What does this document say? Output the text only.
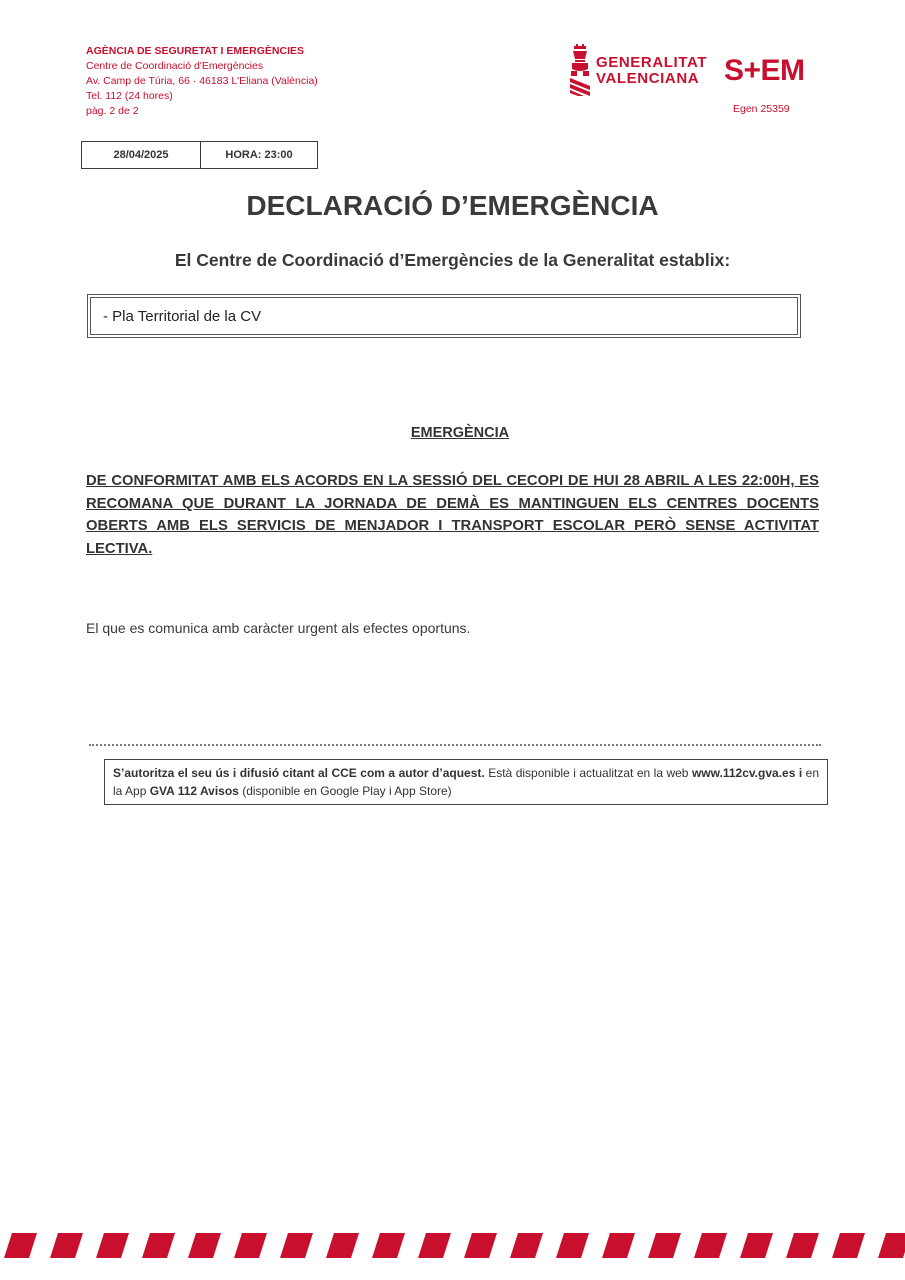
AGÈNCIA DE SEGURETAT I EMERGÈNCIES
Centre de Coordinació d'Emergències
Av. Camp de Túria, 66 · 46183 L'Eliana (València)
Tel. 112 (24 hores)
pàg. 2 de 2
GENERALITAT
VALENCIANA S+EM
Egen 25359
28/04/2025	HORA: 23:00
DECLARACIÓ D’EMERGÈNCIA
El Centre de Coordinació d’Emergències de la Generalitat establix:
- Pla Territorial de la CV
EMERGÈNCIA
DE CONFORMITAT AMB ELS ACORDS EN LA SESSIÓ DEL CECOPI DE HUI 28 ABRIL A LES 22:00H, ES RECOMANA QUE DURANT LA JORNADA DE DEMÀ ES MANTINGUEN ELS CENTRES DOCENTS OBERTS AMB ELS SERVICIS DE MENJADOR I TRANSPORT ESCOLAR PERÒ SENSE ACTIVITAT LECTIVA.
El que es comunica amb caràcter urgent als efectes oportuns.
S’autoritza el seu ús i difusió citant al CCE com a autor d’aquest. Està disponible i actualitzat en la web www.112cv.gva.es i en la App GVA 112 Avisos (disponible en Google Play i App Store)
